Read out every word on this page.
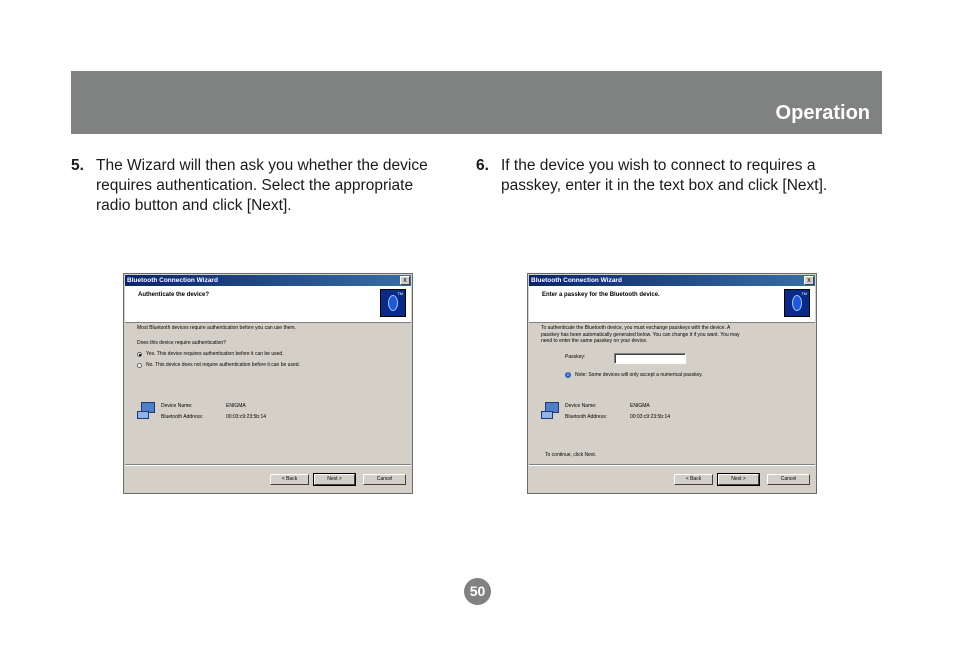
Operation
5. The Wizard will then ask you whether the device
requires authentication. Select the appropriate
radio button and click [Next].
6. If the device you wish to connect to requires a
passkey, enter it in the text box and click [Next].
Bluetooth Connection Wizard	x
Authenticate the device?	TM
Most Bluetooth devices require authentication before you can use them.
Does this device require authentication?
Yes. This device requires authentication before it can be used.
No. This device does not require authentication before it can be used.
Device Name:	ENIGMA
Bluetooth Address:	00:03:c9:23:5b:14
< Back	Next >	Cancel
Bluetooth Connection Wizard	x
Enter a passkey for the Bluetooth device.	TM
To authenticate the Bluetooth device, you must exchange passkeys with the device. A
passkey has been automatically generated below. You can change it if you want. You may
need to enter the same passkey on your device.
Passkey:
i	Note: Some devices will only accept a numerical passkey.
Device Name:	ENIGMA
Bluetooth Address:	00:03:c9:23:5b:14
To continue, click Next.
< Back	Next >	Cancel
50
